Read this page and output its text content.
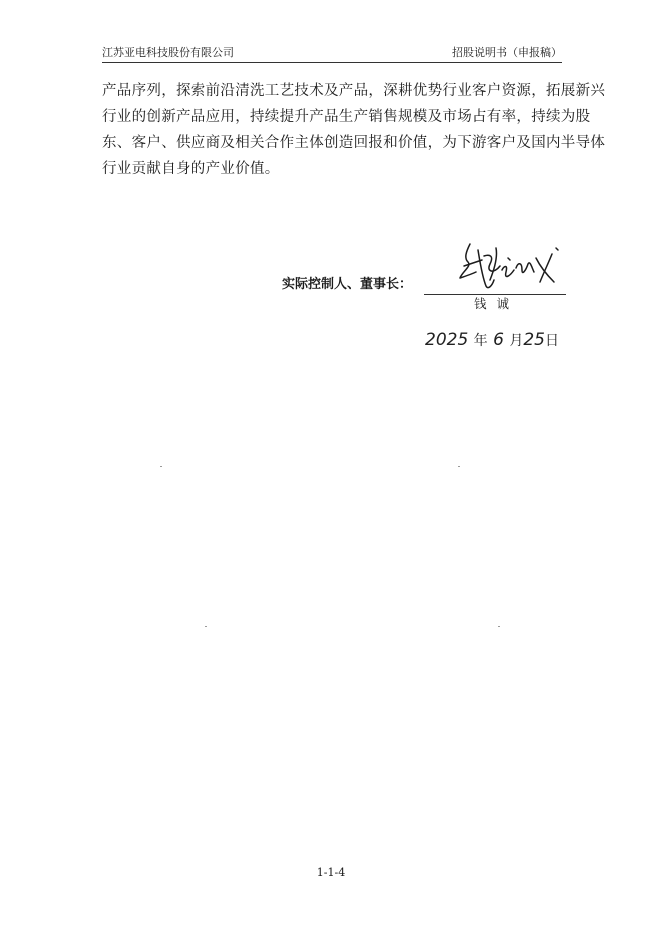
江苏亚电科技股份有限公司	招股说明书（申报稿）

产品序列，探索前沿清洗工艺技术及产品，深耕优势行业客户资源，拓展新兴
行业的创新产品应用，持续提升产品生产销售规模及市场占有率，持续为股
东、客户、供应商及相关合作主体创造回报和价值，为下游客户及国内半导体
行业贡献自身的产业价值。

实际控制人、董事长：
钱诚
2025 年 6 月25日
1-1-4
